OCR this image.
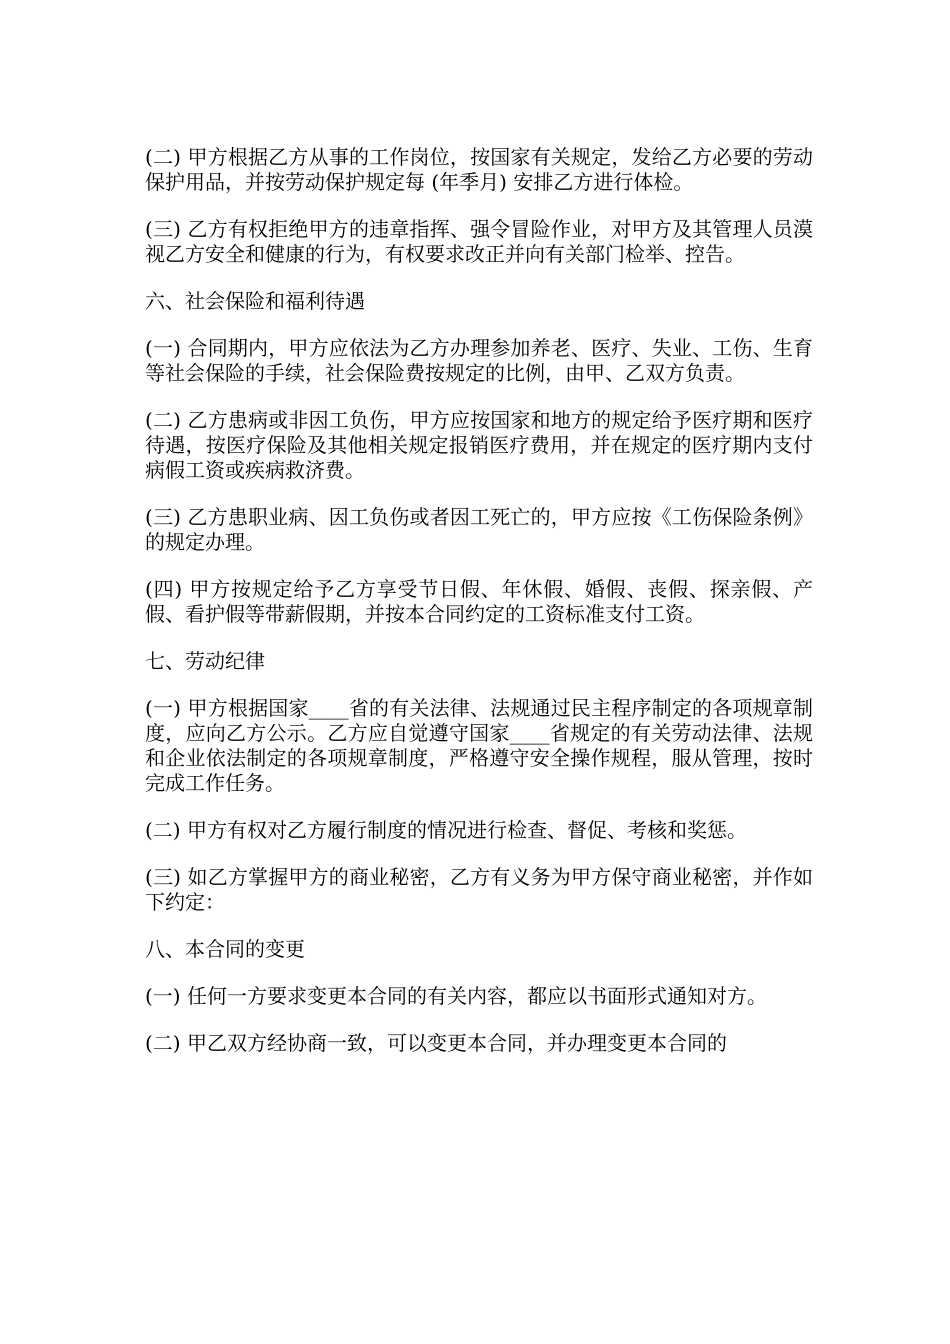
(二) 甲方根据乙方从事的工作岗位，按国家有关规定，发给乙方必要的劳动保护用品，并按劳动保护规定每 (年季月) 安排乙方进行体检。

(三) 乙方有权拒绝甲方的违章指挥、强令冒险作业，对甲方及其管理人员漠视乙方安全和健康的行为，有权要求改正并向有关部门检举、控告。

六、社会保险和福利待遇

(一) 合同期内，甲方应依法为乙方办理参加养老、医疗、失业、工伤、生育等社会保险的手续，社会保险费按规定的比例，由甲、乙双方负责。

(二) 乙方患病或非因工负伤，甲方应按国家和地方的规定给予医疗期和医疗待遇，按医疗保险及其他相关规定报销医疗费用，并在规定的医疗期内支付病假工资或疾病救济费。

(三) 乙方患职业病、因工负伤或者因工死亡的，甲方应按《工伤保险条例》的规定办理。

(四) 甲方按规定给予乙方享受节日假、年休假、婚假、丧假、探亲假、产假、看护假等带薪假期，并按本合同约定的工资标准支付工资。

七、劳动纪律

(一) 甲方根据国家____省的有关法律、法规通过民主程序制定的各项规章制度，应向乙方公示。乙方应自觉遵守国家____省规定的有关劳动法律、法规和企业依法制定的各项规章制度，严格遵守安全操作规程，服从管理，按时完成工作任务。

(二) 甲方有权对乙方履行制度的情况进行检查、督促、考核和奖惩。

(三) 如乙方掌握甲方的商业秘密，乙方有义务为甲方保守商业秘密，并作如下约定：

八、本合同的变更

(一) 任何一方要求变更本合同的有关内容，都应以书面形式通知对方。

(二) 甲乙双方经协商一致，可以变更本合同，并办理变更本合同的
